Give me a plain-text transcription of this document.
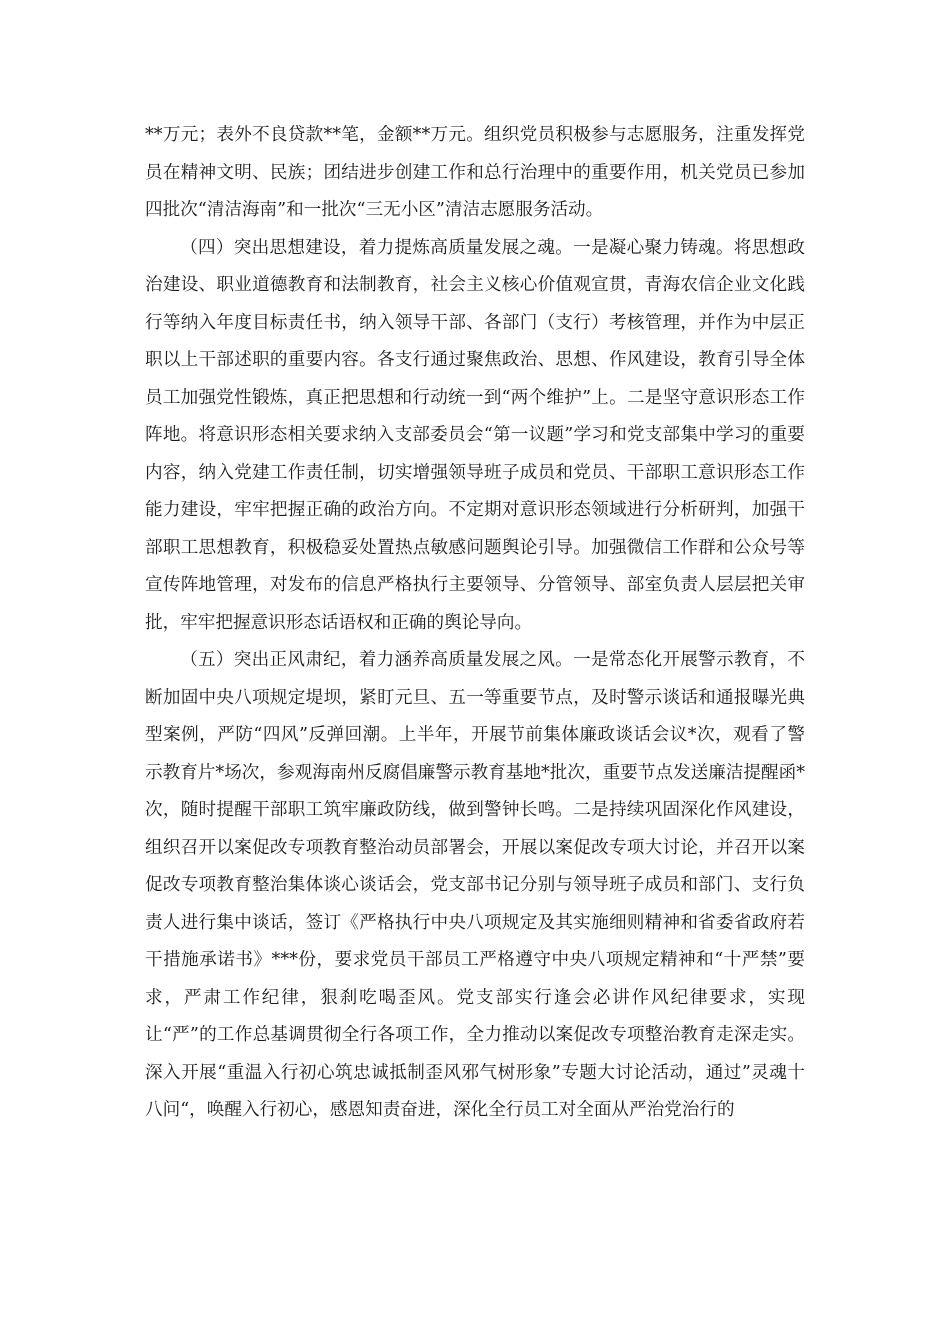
**万元；表外不良贷款**笔，金额**万元。组织党员积极参与志愿服务，注重发挥党员在精神文明、民族；团结进步创建工作和总行治理中的重要作用，机关党员已参加四批次“清洁海南”和一批次“三无小区”清洁志愿服务活动。

（四）突出思想建设，着力提炼高质量发展之魂。一是凝心聚力铸魂。将思想政治建设、职业道德教育和法制教育，社会主义核心价值观宣贯，青海农信企业文化践行等纳入年度目标责任书，纳入领导干部、各部门（支行）考核管理，并作为中层正职以上干部述职的重要内容。各支行通过聚焦政治、思想、作风建设，教育引导全体员工加强党性锻炼，真正把思想和行动统一到“两个维护”上。二是坚守意识形态工作阵地。将意识形态相关要求纳入支部委员会“第一议题”学习和党支部集中学习的重要内容，纳入党建工作责任制，切实增强领导班子成员和党员、干部职工意识形态工作能力建设，牢牢把握正确的政治方向。不定期对意识形态领域进行分析研判，加强干部职工思想教育，积极稳妥处置热点敏感问题舆论引导。加强微信工作群和公众号等宣传阵地管理，对发布的信息严格执行主要领导、分管领导、部室负责人层层把关审批，牢牢把握意识形态话语权和正确的舆论导向。

（五）突出正风肃纪，着力涵养高质量发展之风。一是常态化开展警示教育，不断加固中央八项规定堤坝，紧盯元旦、五一等重要节点，及时警示谈话和通报曝光典型案例，严防“四风”反弹回潮。上半年，开展节前集体廉政谈话会议*次，观看了警示教育片*场次，参观海南州反腐倡廉警示教育基地*批次，重要节点发送廉洁提醒函*次，随时提醒干部职工筑牢廉政防线，做到警钟长鸣。二是持续巩固深化作风建设，组织召开以案促改专项教育整治动员部署会，开展以案促改专项大讨论，并召开以案促改专项教育整治集体谈心谈话会，党支部书记分别与领导班子成员和部门、支行负责人进行集中谈话，签订《严格执行中央八项规定及其实施细则精神和省委省政府若干措施承诺书》***份，要求党员干部员工严格遵守中央八项规定精神和“十严禁”要求，严肃工作纪律，狠刹吃喝歪风。党支部实行逢会必讲作风纪律要求，实现让“严”的工作总基调贯彻全行各项工作，全力推动以案促改专项整治教育走深走实。深入开展“重温入行初心筑忠诚抵制歪风邪气树形象”专题大讨论活动，通过”灵魂十八问“，唤醒入行初心，感恩知责奋进，深化全行员工对全面从严治党治行的
